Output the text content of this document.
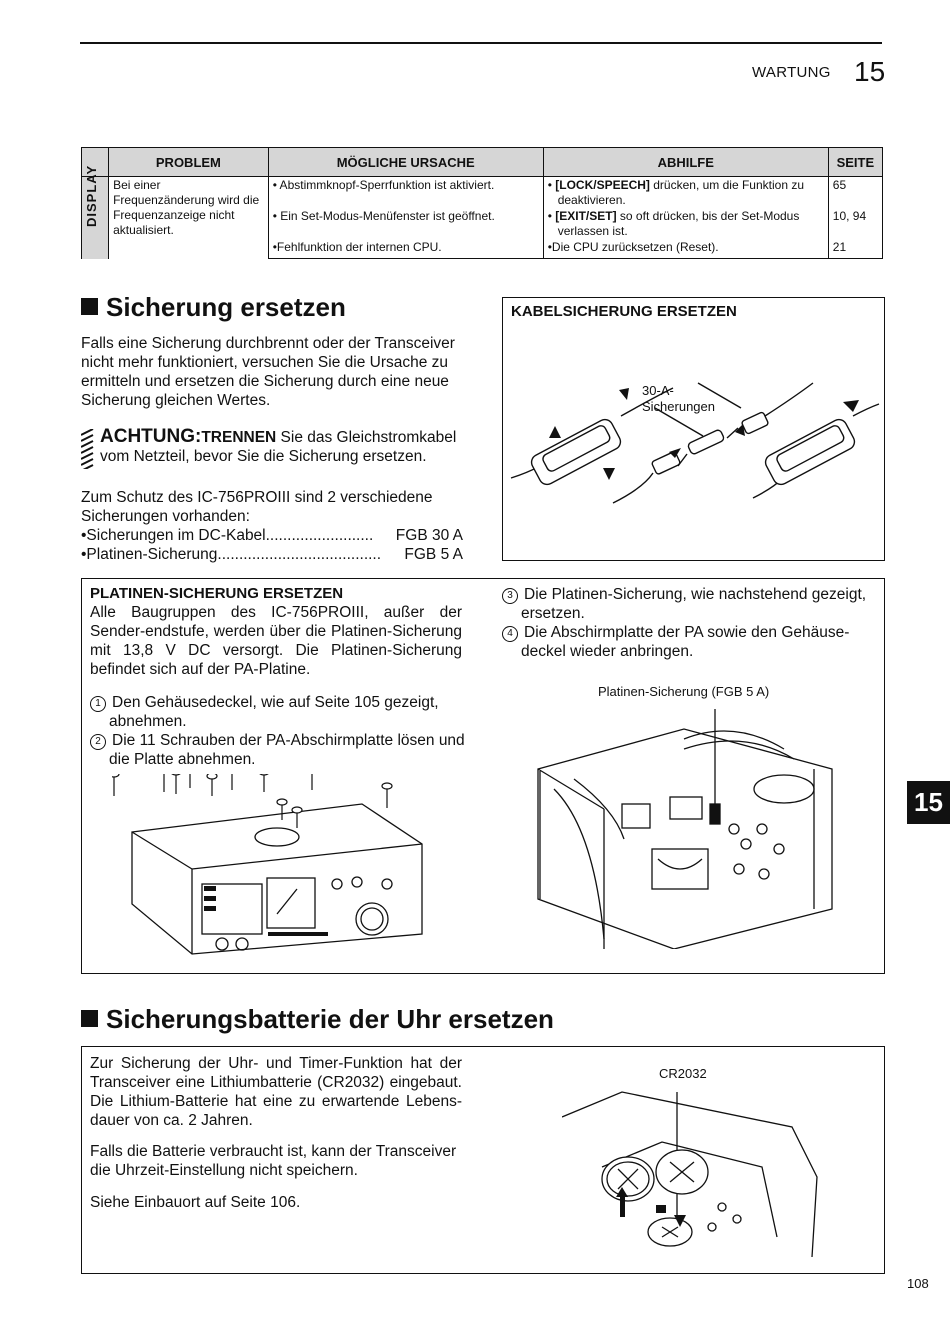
WARTUNG 15
	PROBLEM	MÖGLICHE URSACHE	ABHILFE	SEITE

DISPLAY	Bei einer Frequenzänderung wird die Frequenzanzeige nicht aktualisiert.	• Abstimmknopf-Sperrfunktion ist aktiviert.	• [LOCK/SPEECH] drücken, um die Funktion zu
deaktivieren.	65
		• Ein Set-Modus-Menüfenster ist geöffnet.	• [EXIT/SET] so oft drücken, bis der Set-Modus
verlassen ist.	10, 94
		•Fehlfunktion der internen CPU.	•Die CPU zurücksetzen (Reset).	21
Sicherung ersetzen

Falls eine Sicherung durchbrennt oder der Transceiver nicht mehr funktioniert, versuchen Sie die Ursache zu ermitteln und ersetzen die Sicherung durch eine neue Sicherung gleichen Wertes.

ACHTUNG:TRENNEN Sie das Gleichstromkabel vom Netzteil, bevor Sie die Sicherung ersetzen.

Zum Schutz des IC-756PROIII sind 2 verschiedene Sicherungen vorhanden:

•Sicherungen im DC-Kabel .........................	FGB 30 A
•Platinen-Sicherung ......................................	FGB 5 A
KABELSICHERUNG ERSETZEN
30-A-
Sicherungen
PLATINEN-SICHERUNG ERSETZEN

Alle Baugruppen des IC-756PROIII, außer der Sender-endstufe, werden über die Platinen-Sicherung mit 13,8 V DC versorgt. Die Platinen-Sicherung befindet sich auf der PA-Platine.

1 Den Gehäusedeckel, wie auf Seite 105 gezeigt, abnehmen.
2 Die 11 Schrauben der PA-Abschirmplatte lösen und die Platte abnehmen.
3 Die Platinen-Sicherung, wie nachstehend gezeigt, ersetzen.
4 Die Abschirmplatte der PA sowie den Gehäuse-deckel wieder anbringen.
Platinen-Sicherung (FGB 5 A)
Sicherungsbatterie der Uhr ersetzen

Zur Sicherung der Uhr- und Timer-Funktion hat der Transceiver eine Lithiumbatterie (CR2032) eingebaut. Die Lithium-Batterie hat eine zu erwartende Lebens-dauer von ca. 2 Jahren.

Falls die Batterie verbraucht ist, kann der Transceiver die Uhrzeit-Einstellung nicht speichern.

Siehe Einbauort auf Seite 106.

CR2032
15
108
